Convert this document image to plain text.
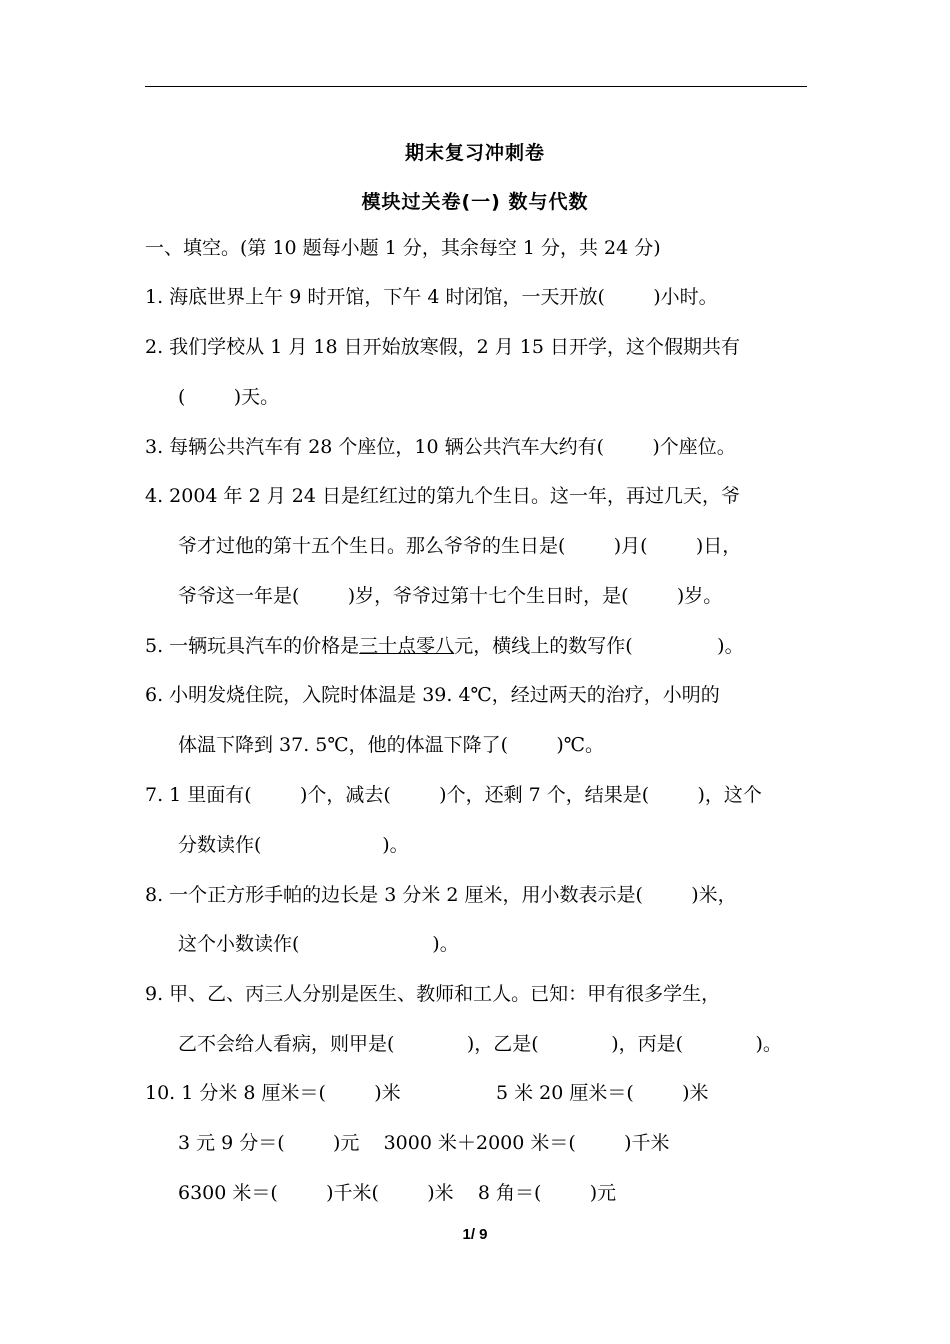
期末复习冲刺卷
模块过关卷(一) 数与代数
一、填空。(第 10 题每小题 1 分，其余每空 1 分，共 24 分)
1. 海底世界上午 9 时开馆，下午 4 时闭馆，一天开放(        )小时。
2. 我们学校从 1 月 18 日开始放寒假，2 月 15 日开学，这个假期共有
(        )天。
3. 每辆公共汽车有 28 个座位，10 辆公共汽车大约有(        )个座位。
4. 2004 年 2 月 24 日是红红过的第九个生日。这一年，再过几天，爷
爷才过他的第十五个生日。那么爷爷的生日是(        )月(        )日，
爷爷这一年是(        )岁，爷爷过第十七个生日时，是(        )岁。
5. 一辆玩具汽车的价格是三十点零八元，横线上的数写作(              )。
6. 小明发烧住院，入院时体温是 39. 4℃，经过两天的治疗，小明的
体温下降到 37. 5℃，他的体温下降了(        )℃。
7. 1 里面有(        )个，减去(        )个，还剩 7 个，结果是(        )，这个
分数读作(                    )。
8. 一个正方形手帕的边长是 3 分米 2 厘米，用小数表示是(        )米，
这个小数读作(                      )。
9. 甲、乙、丙三人分别是医生、教师和工人。已知：甲有很多学生，
乙不会给人看病，则甲是(            )，乙是(            )，丙是(            )。
10. 1 分米 8 厘米＝(        )米	5 米 20 厘米＝(        )米
3 元 9 分＝(        )元    3000 米＋2000 米＝(        )千米
6300 米＝(        )千米(        )米    8 角＝(        )元
1/ 9
